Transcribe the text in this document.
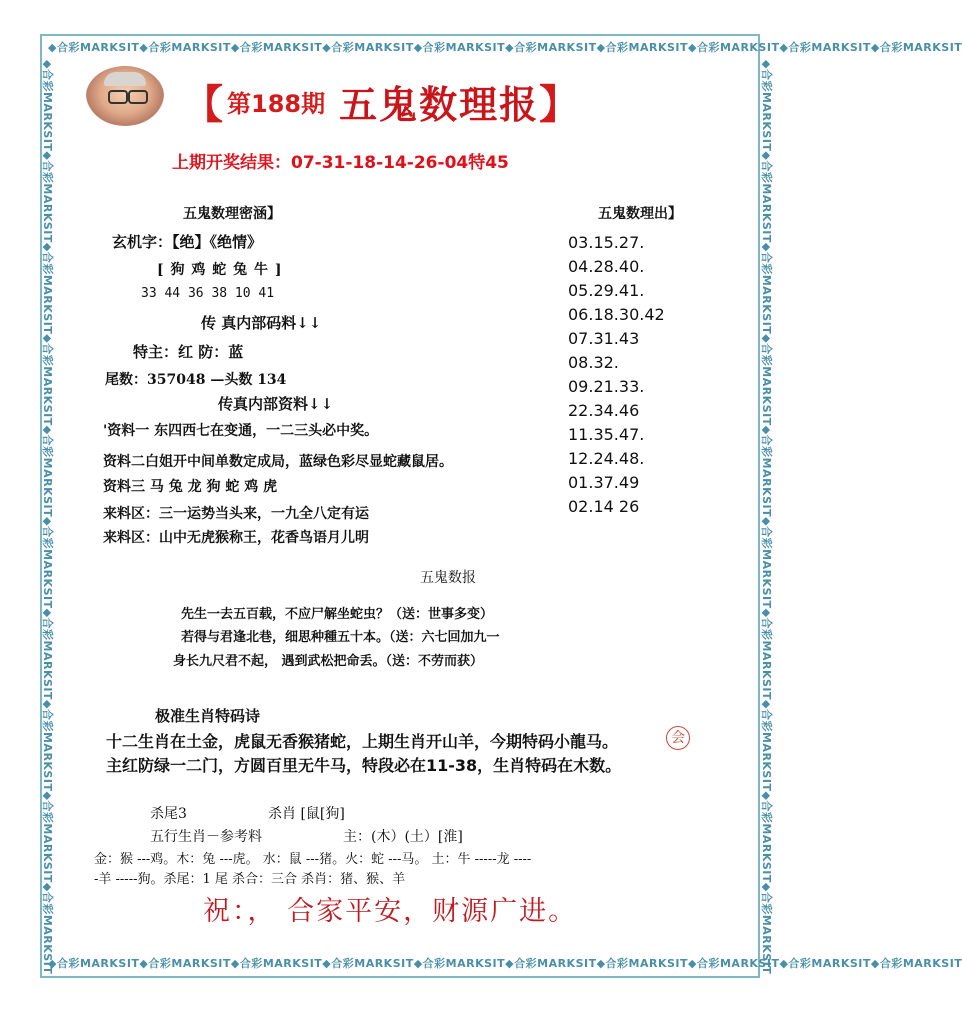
◆合彩MARKSIT◆合彩MARKSIT◆合彩MARKSIT◆合彩MARKSIT◆合彩MARKSIT◆合彩MARKSIT◆合彩MARKSIT◆合彩MARKSIT◆合彩MARKSIT◆合彩MARKSIT
◆合彩MARKSIT◆合彩MARKSIT◆合彩MARKSIT◆合彩MARKSIT◆合彩MARKSIT◆合彩MARKSIT◆合彩MARKSIT◆合彩MARKSIT◆合彩MARKSIT◆合彩MARKSIT
◆合彩MARKSIT◆合彩MARKSIT◆合彩MARKSIT◆合彩MARKSIT◆合彩MARKSIT◆合彩MARKSIT◆合彩MARKSIT◆合彩MARKSIT◆合彩MARKSIT◆合彩MARKSIT	◆合彩MARKSIT◆合彩MARKSIT◆合彩MARKSIT◆合彩MARKSIT◆合彩MARKSIT◆合彩MARKSIT◆合彩MARKSIT◆合彩MARKSIT◆合彩MARKSIT◆合彩MARKSIT
【 第188期 五鬼数理报 】
上期开奖结果：07-31-18-14-26-04特45
五鬼数理密涵】
玄机字：【绝】《绝情》
[ 狗 鸡 蛇 兔 牛 ]
33 44 36 38 10 41
传 真内部码料↓↓
特主：红 防：蓝
尾数：357048 —头数 134
传真内部资料↓↓
'资料一 东四西七在变通，一二三头必中奖。
资料二白姐开中间单数定成局，蓝绿色彩尽显蛇藏鼠居。
资料三 马 兔 龙 狗 蛇 鸡 虎
来料区：三一运势当头来，一九全八定有运
来料区：山中无虎猴称王，花香鸟语月儿明
五鬼数理出】
03.15.27.
04.28.40.
05.29.41.
06.18.30.42
07.31.43
08.32.
09.21.33.
22.34.46
11.35.47.
12.24.48.
01.37.49
02.14 26
五鬼数报
先生一去五百载，不应尸解坐蛇虫？（送：世事多变）
若得与君逢北巷，细思种種五十本。（送：六七回加九一
身长九尺君不起， 遇到武松把命丢。（送：不劳而获）
极准生肖特码诗
十二生肖在土金，虎鼠无香猴猪蛇，上期生肖开山羊，今期特码小龍马。
主红防绿一二门，方圆百里无牛马，特段必在11-38，生肖特码在木数。
会
杀尾3	杀肖 [鼠[狗]
五行生肖－参考料	主：(木）(土）[淮]
金：猴 ---鸡。木：兔 ---虎。 水：鼠 ---猪。火：蛇 ---马。 土：牛 -----龙 ----
-羊 -----狗。杀尾：1 尾 杀合：三合 杀肖：猪、猴、羊
祝：， 合家平安，财源广进。
